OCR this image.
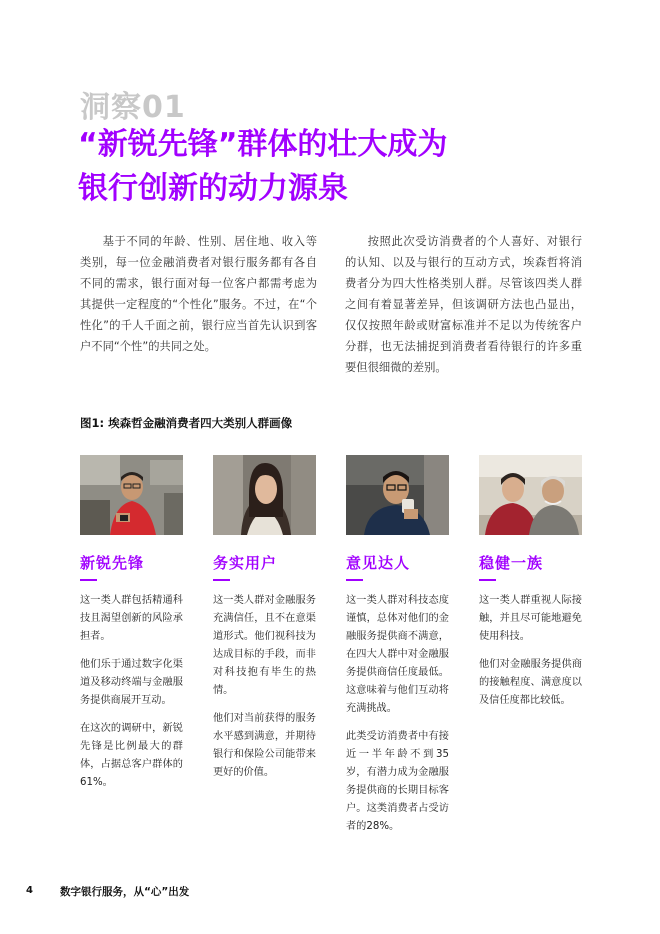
洞察01
“新锐先锋”群体的壮大成为
银行创新的动力源泉

基于不同的年龄、性别、居住地、收入等类别，每一位金融消费者对银行服务都有各自不同的需求，银行面对每一位客户都需考虑为其提供一定程度的“个性化”服务。不过，在“个性化”的千人千面之前，银行应当首先认识到客户不同“个性”的共同之处。

按照此次受访消费者的个人喜好、对银行的认知、以及与银行的互动方式，埃森哲将消费者分为四大性格类别人群。尽管该四类人群之间有着显著差异，但该调研方法也凸显出，仅仅按照年龄或财富标准并不足以为传统客户分群，也无法捕捉到消费者看待银行的许多重要但很细微的差别。

图1: 埃森哲金融消费者四大类别人群画像
新锐先锋

这一类人群包括精通科技且渴望创新的风险承担者。

他们乐于通过数字化渠道及移动终端与金融服务提供商展开互动。

在这次的调研中，新锐先锋是比例最大的群体，占据总客户群体的61%。

务实用户

这一类人群对金融服务充满信任，且不在意渠道形式。他们视科技为达成目标的手段，而非对科技抱有毕生的热情。

他们对当前获得的服务水平感到满意，并期待银行和保险公司能带来更好的价值。

意见达人

这一类人群对科技态度谨慎，总体对他们的金融服务提供商不满意，在四大人群中对金融服务提供商信任度最低。这意味着与他们互动将充满挑战。

此类受访消费者中有接近一半年龄不到35岁，有潜力成为金融服务提供商的长期目标客户。这类消费者占受访者的28%。

稳健一族

这一类人群重视人际接触，并且尽可能地避免使用科技。

他们对金融服务提供商的接触程度、满意度以及信任度都比较低。

4	数字银行服务，从“心”出发
